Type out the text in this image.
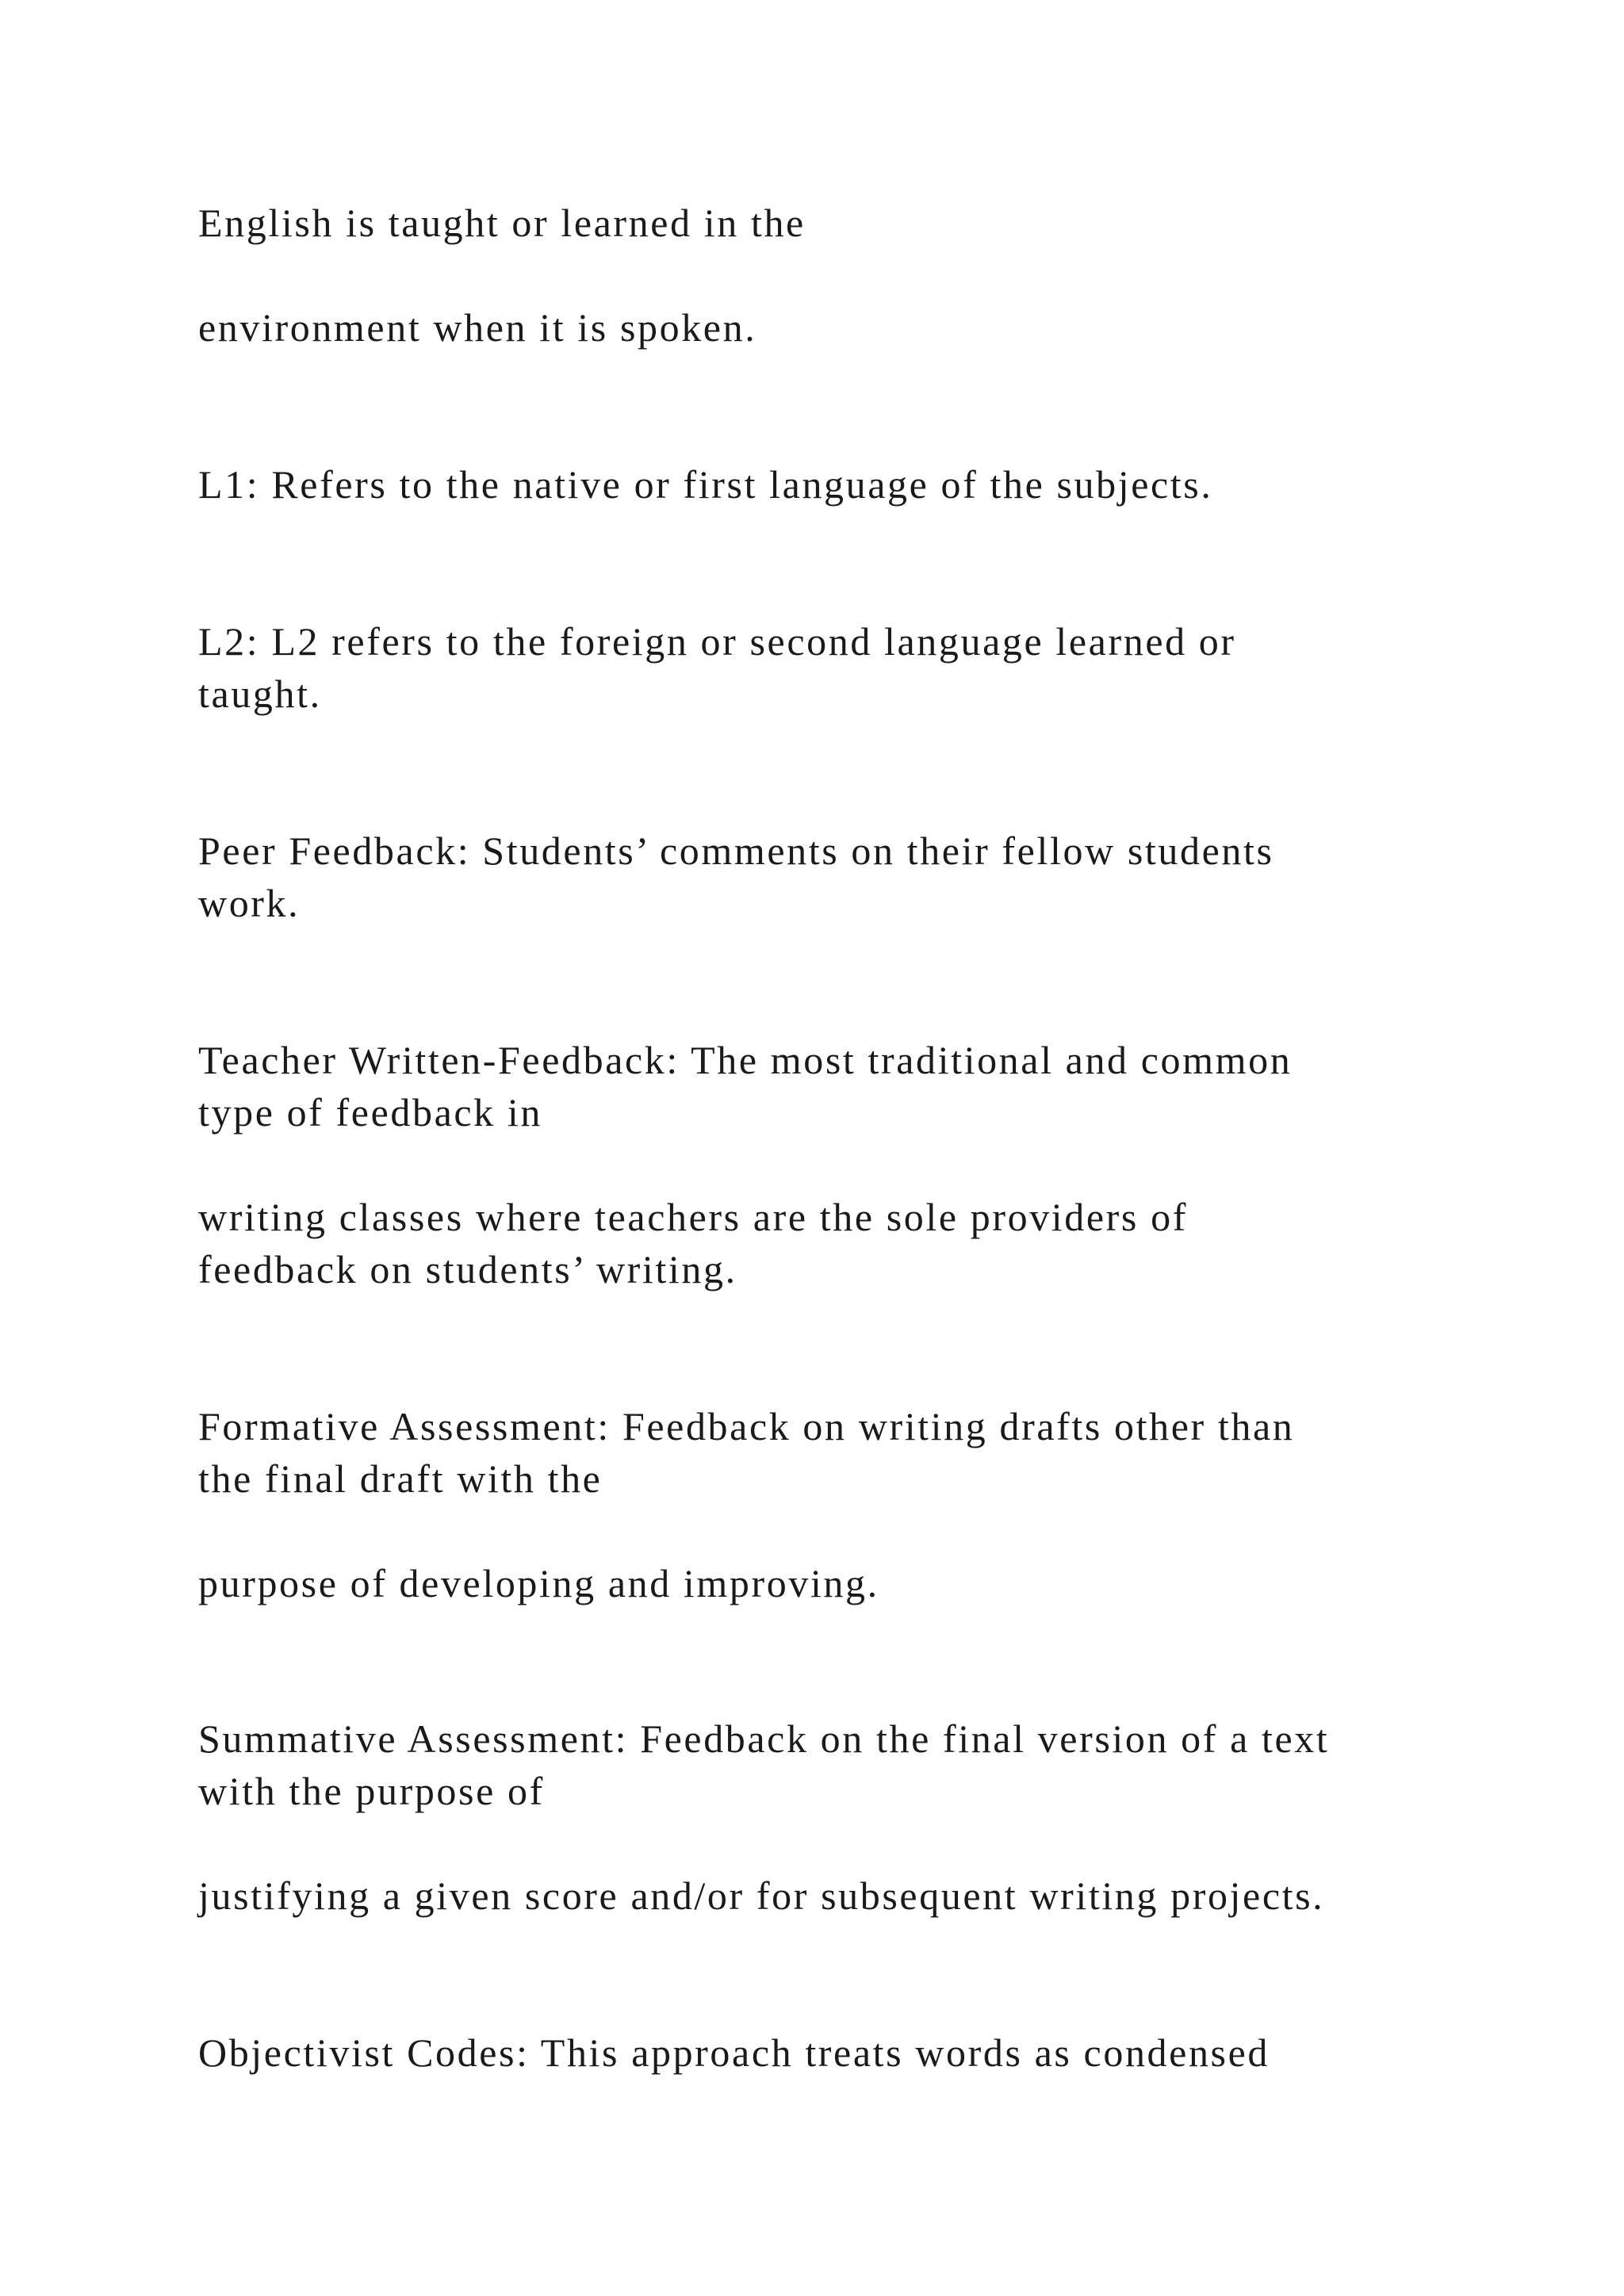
English is taught or learned in the

environment when it is spoken.

L1: Refers to the native or first language of the subjects.

L2: L2 refers to the foreign or second language learned or
taught.

Peer Feedback: Students’ comments on their fellow students
work.

Teacher Written-Feedback: The most traditional and common
type of feedback in

writing classes where teachers are the sole providers of
feedback on students’ writing.

Formative Assessment: Feedback on writing drafts other than
the final draft with the

purpose of developing and improving.

Summative Assessment: Feedback on the final version of a text
with the purpose of

justifying a given score and/or for subsequent writing projects.

Objectivist Codes: This approach treats words as condensed
